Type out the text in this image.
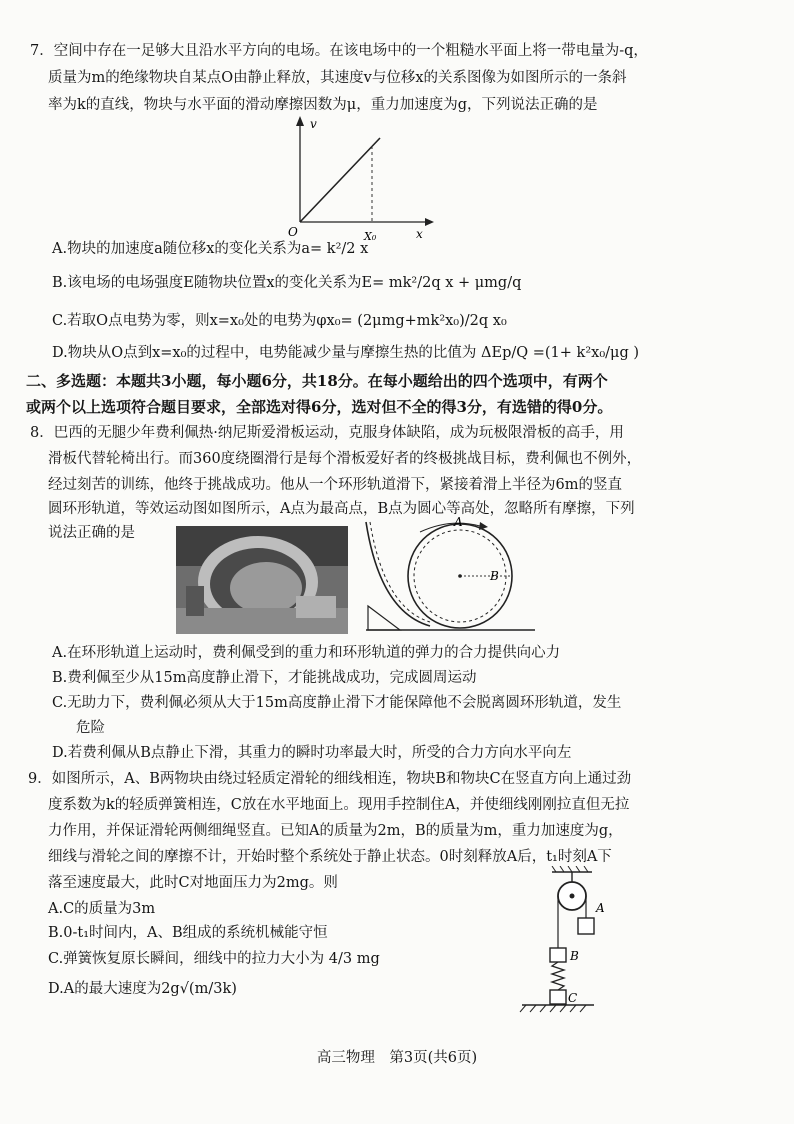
7．空间中存在一足够大且沿水平方向的电场。在该电场中的一个粗糙水平面上将一带电量为-q，
质量为m的绝缘物块自某点O由静止释放，其速度v与位移x的关系图像为如图所示的一条斜
率为k的直线，物块与水平面的滑动摩擦因数为μ，重力加速度为g，下列说法正确的是
v
x
O	X₀
A.物块的加速度a随位移x的变化关系为a= k²/2 x
B.该电场的电场强度E随物块位置x的变化关系为E= mk²/2q x + μmg/q
C.若取O点电势为零，则x=x₀处的电势为φx₀= (2μmg+mk²x₀)/2q x₀
D.物块从O点到x=x₀的过程中，电势能减少量与摩擦生热的比值为 ΔEp/Q =(1+ k²x₀/μg )
二、多选题：本题共3小题，每小题6分，共18分。在每小题给出的四个选项中，有两个
或两个以上选项符合题目要求，全部选对得6分，选对但不全的得3分，有选错的得0分。
8．巴西的无腿少年费利佩热·纳尼斯爱滑板运动，克服身体缺陷，成为玩极限滑板的高手，用
滑板代替轮椅出行。而360度绕圈滑行是每个滑板爱好者的终极挑战目标，费利佩也不例外，
经过刻苦的训练，他终于挑战成功。他从一个环形轨道滑下，紧接着滑上半径为6m的竖直
圆环形轨道，等效运动图如图所示，A点为最高点，B点为圆心等高处，忽略所有摩擦，下列
说法正确的是
A
B
A.在环形轨道上运动时，费利佩受到的重力和环形轨道的弹力的合力提供向心力
B.费利佩至少从15m高度静止滑下，才能挑战成功，完成圆周运动
C.无助力下，费利佩必须从大于15m高度静止滑下才能保障他不会脱离圆环形轨道，发生
危险
D.若费利佩从B点静止下滑，其重力的瞬时功率最大时，所受的合力方向水平向左
9．如图所示，A、B两物块由绕过轻质定滑轮的细线相连，物块B和物块C在竖直方向上通过劲
度系数为k的轻质弹簧相连，C放在水平地面上。现用手控制住A，并使细线刚刚拉直但无拉
力作用，并保证滑轮两侧细绳竖直。已知A的质量为2m，B的质量为m，重力加速度为g，
细线与滑轮之间的摩擦不计，开始时整个系统处于静止状态。0时刻释放A后，t₁时刻A下
落至速度最大，此时C对地面压力为2mg。则
A.C的质量为3m
B.0-t₁时间内，A、B组成的系统机械能守恒
C.弹簧恢复原长瞬间，细线中的拉力大小为 4/3 mg
D.A的最大速度为2g√(m/3k)
A
B
C
高三物理　第3页(共6页)
